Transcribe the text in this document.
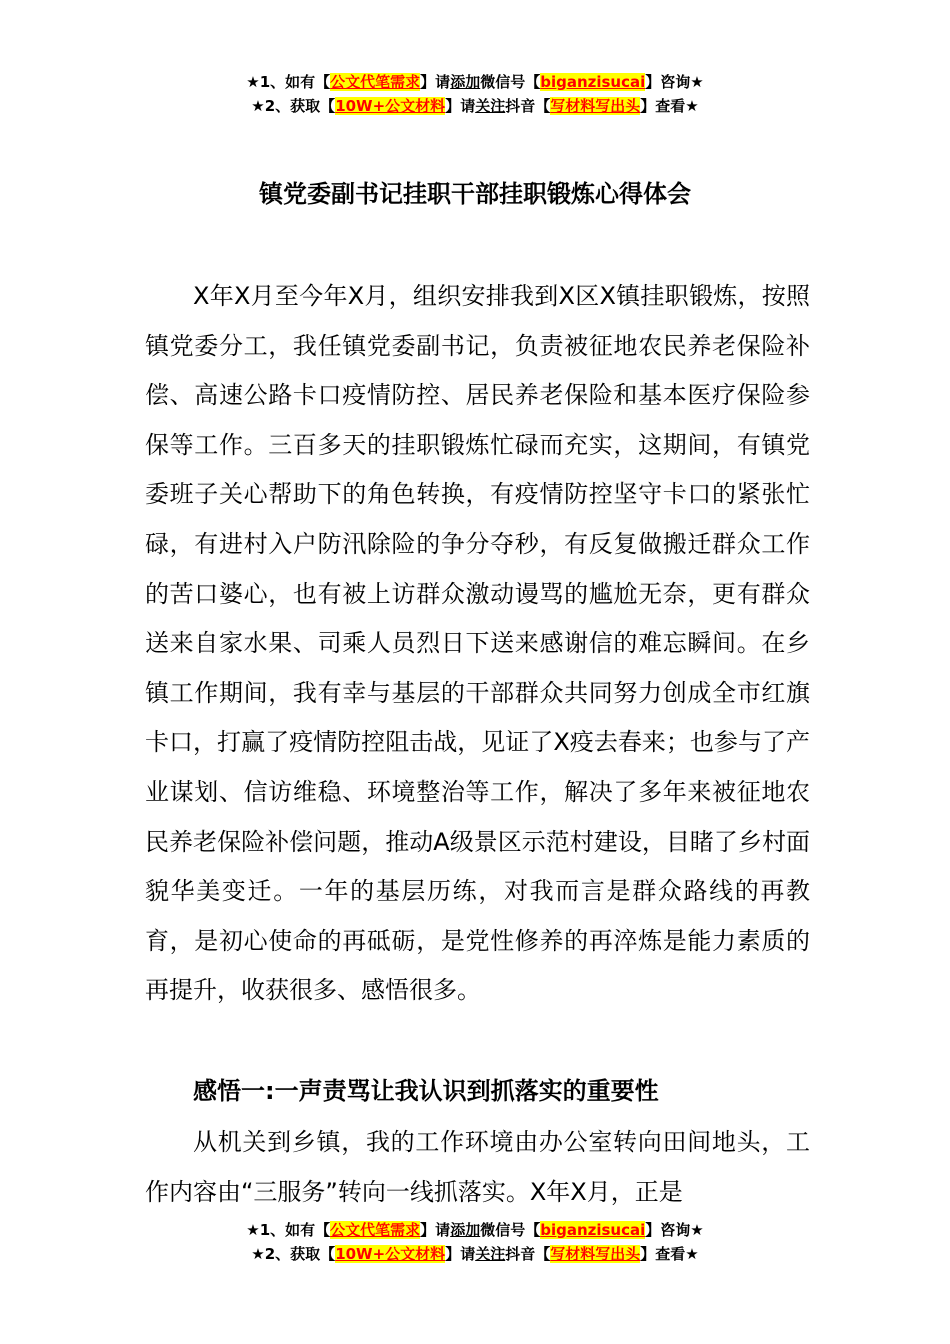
★1、如有【公文代笔需求】请添加微信号【biganzisucai】咨询★
★2、获取【10W+公文材料】请关注抖音【写材料写出头】查看★
镇党委副书记挂职干部挂职锻炼心得体会

X年X月至今年X月，组织安排我到X区X镇挂职锻炼，按照镇党委分工，我任镇党委副书记，负责被征地农民养老保险补偿、高速公路卡口疫情防控、居民养老保险和基本医疗保险参保等工作。三百多天的挂职锻炼忙碌而充实，这期间，有镇党委班子关心帮助下的角色转换，有疫情防控坚守卡口的紧张忙碌，有进村入户防汛除险的争分夺秒，有反复做搬迁群众工作的苦口婆心，也有被上访群众激动谩骂的尴尬无奈，更有群众送来自家水果、司乘人员烈日下送来感谢信的难忘瞬间。在乡镇工作期间，我有幸与基层的干部群众共同努力创成全市红旗卡口，打赢了疫情防控阻击战，见证了X疫去春来；也参与了产业谋划、信访维稳、环境整治等工作，解决了多年来被征地农民养老保险补偿问题，推动A级景区示范村建设，目睹了乡村面貌华美变迁。一年的基层历练，对我而言是群众路线的再教育，是初心使命的再砥砺，是党性修养的再淬炼是能力素质的再提升，收获很多、感悟很多。

感悟一:一声责骂让我认识到抓落实的重要性

从机关到乡镇，我的工作环境由办公室转向田间地头，工作内容由“三服务”转向一线抓落实。X年X月，正是

★1、如有【公文代笔需求】请添加微信号【biganzisucai】咨询★
★2、获取【10W+公文材料】请关注抖音【写材料写出头】查看★
